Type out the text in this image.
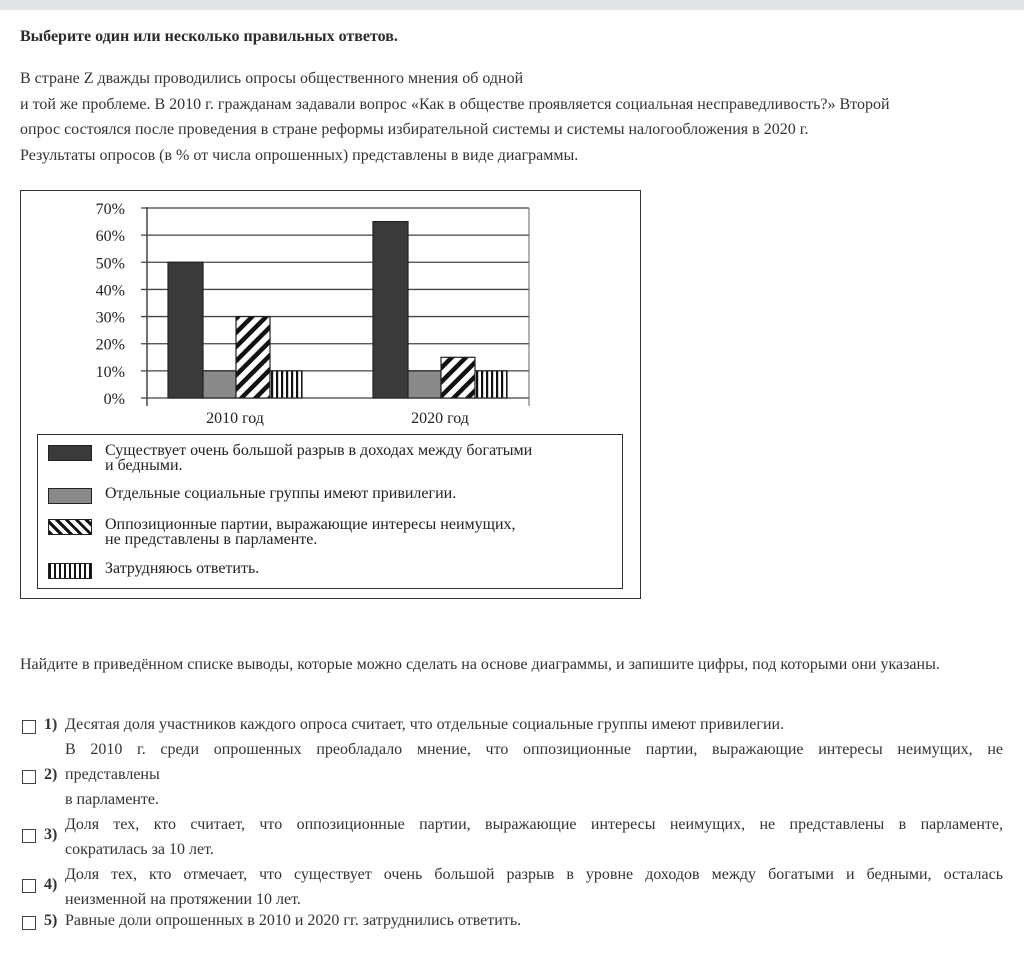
Выберите один или несколько правильных ответов.
В стране Z дважды проводились опросы общественного мнения об одной
и той же проблеме. В 2010 г. гражданам задавали вопрос «Как в обществе проявляется социальная несправедливость?» Второй
опрос состоялся после проведения в стране реформы избирательной системы и системы налогообложения в 2020 г.
Результаты опросов (в % от числа опрошенных) представлены в виде диаграммы.
0%
10%
20%
30%
40%
50%
60%
70%
2010 год	2020 год
Существует очень большой разрыв в доходах между богатыми
и бедными.
Отдельные социальные группы имеют привилегии.
Оппозиционные партии, выражающие интересы неимущих,
не представлены в парламенте.
Затрудняюсь ответить.
Найдите в приведённом списке выводы, которые можно сделать на основе диаграммы, и запишите цифры, под которыми они указаны.
1) Десятая доля участников каждого опроса считает, что отдельные социальные группы имеют привилегии.
2)
В 2010 г. среди опрошенных преобладало мнение, что оппозиционные партии, выражающие интересы неимущих, не
представлены
в парламенте.
3)
Доля тех, кто считает, что оппозиционные партии, выражающие интересы неимущих, не представлены в парламенте,
сократилась за 10 лет.
4)
Доля тех, кто отмечает, что существует очень большой разрыв в уровне доходов между богатыми и бедными, осталась
неизменной на протяжении 10 лет.
5) Равные доли опрошенных в 2010 и 2020 гг. затруднились ответить.
